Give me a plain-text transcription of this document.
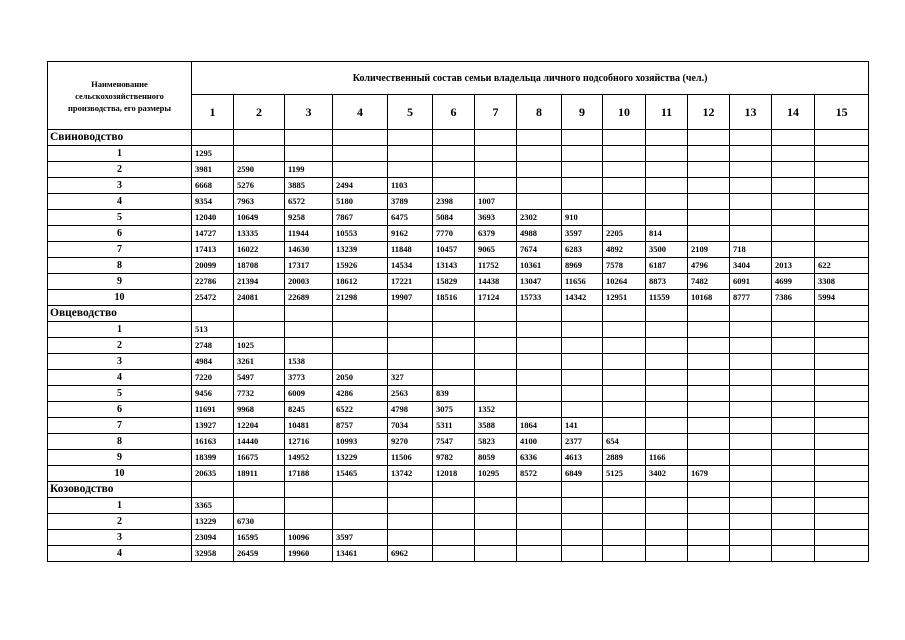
Наименование сельскохозяйственного производства, его размеры	Количественный состав семьи владельца личного подсобного хозяйства (чел.)														
	1	2	3	4	5	6	7	8	9	10	11	12	13	14	15
Свиноводство															
1	1295														
2	3981	2590	1199												
3	6668	5276	3885	2494	1103										
4	9354	7963	6572	5180	3789	2398	1007								
5	12040	10649	9258	7867	6475	5084	3693	2302	910						
6	14727	13335	11944	10553	9162	7770	6379	4988	3597	2205	814				
7	17413	16022	14630	13239	11848	10457	9065	7674	6283	4892	3500	2109	718		
8	20099	18708	17317	15926	14534	13143	11752	10361	8969	7578	6187	4796	3404	2013	622
9	22786	21394	20003	18612	17221	15829	14438	13047	11656	10264	8873	7482	6091	4699	3308
10	25472	24081	22689	21298	19907	18516	17124	15733	14342	12951	11559	10168	8777	7386	5994
Овцеводство															
1	513														
2	2748	1025													
3	4984	3261	1538												
4	7220	5497	3773	2050	327										
5	9456	7732	6009	4286	2563	839									
6	11691	9968	8245	6522	4798	3075	1352								
7	13927	12204	10481	8757	7034	5311	3588	1864	141						
8	16163	14440	12716	10993	9270	7547	5823	4100	2377	654					
9	18399	16675	14952	13229	11506	9782	8059	6336	4613	2889	1166				
10	20635	18911	17188	15465	13742	12018	10295	8572	6849	5125	3402	1679			
Козоводство															
1	3365														
2	13229	6730													
3	23094	16595	10096	3597											
4	32958	26459	19960	13461	6962										
